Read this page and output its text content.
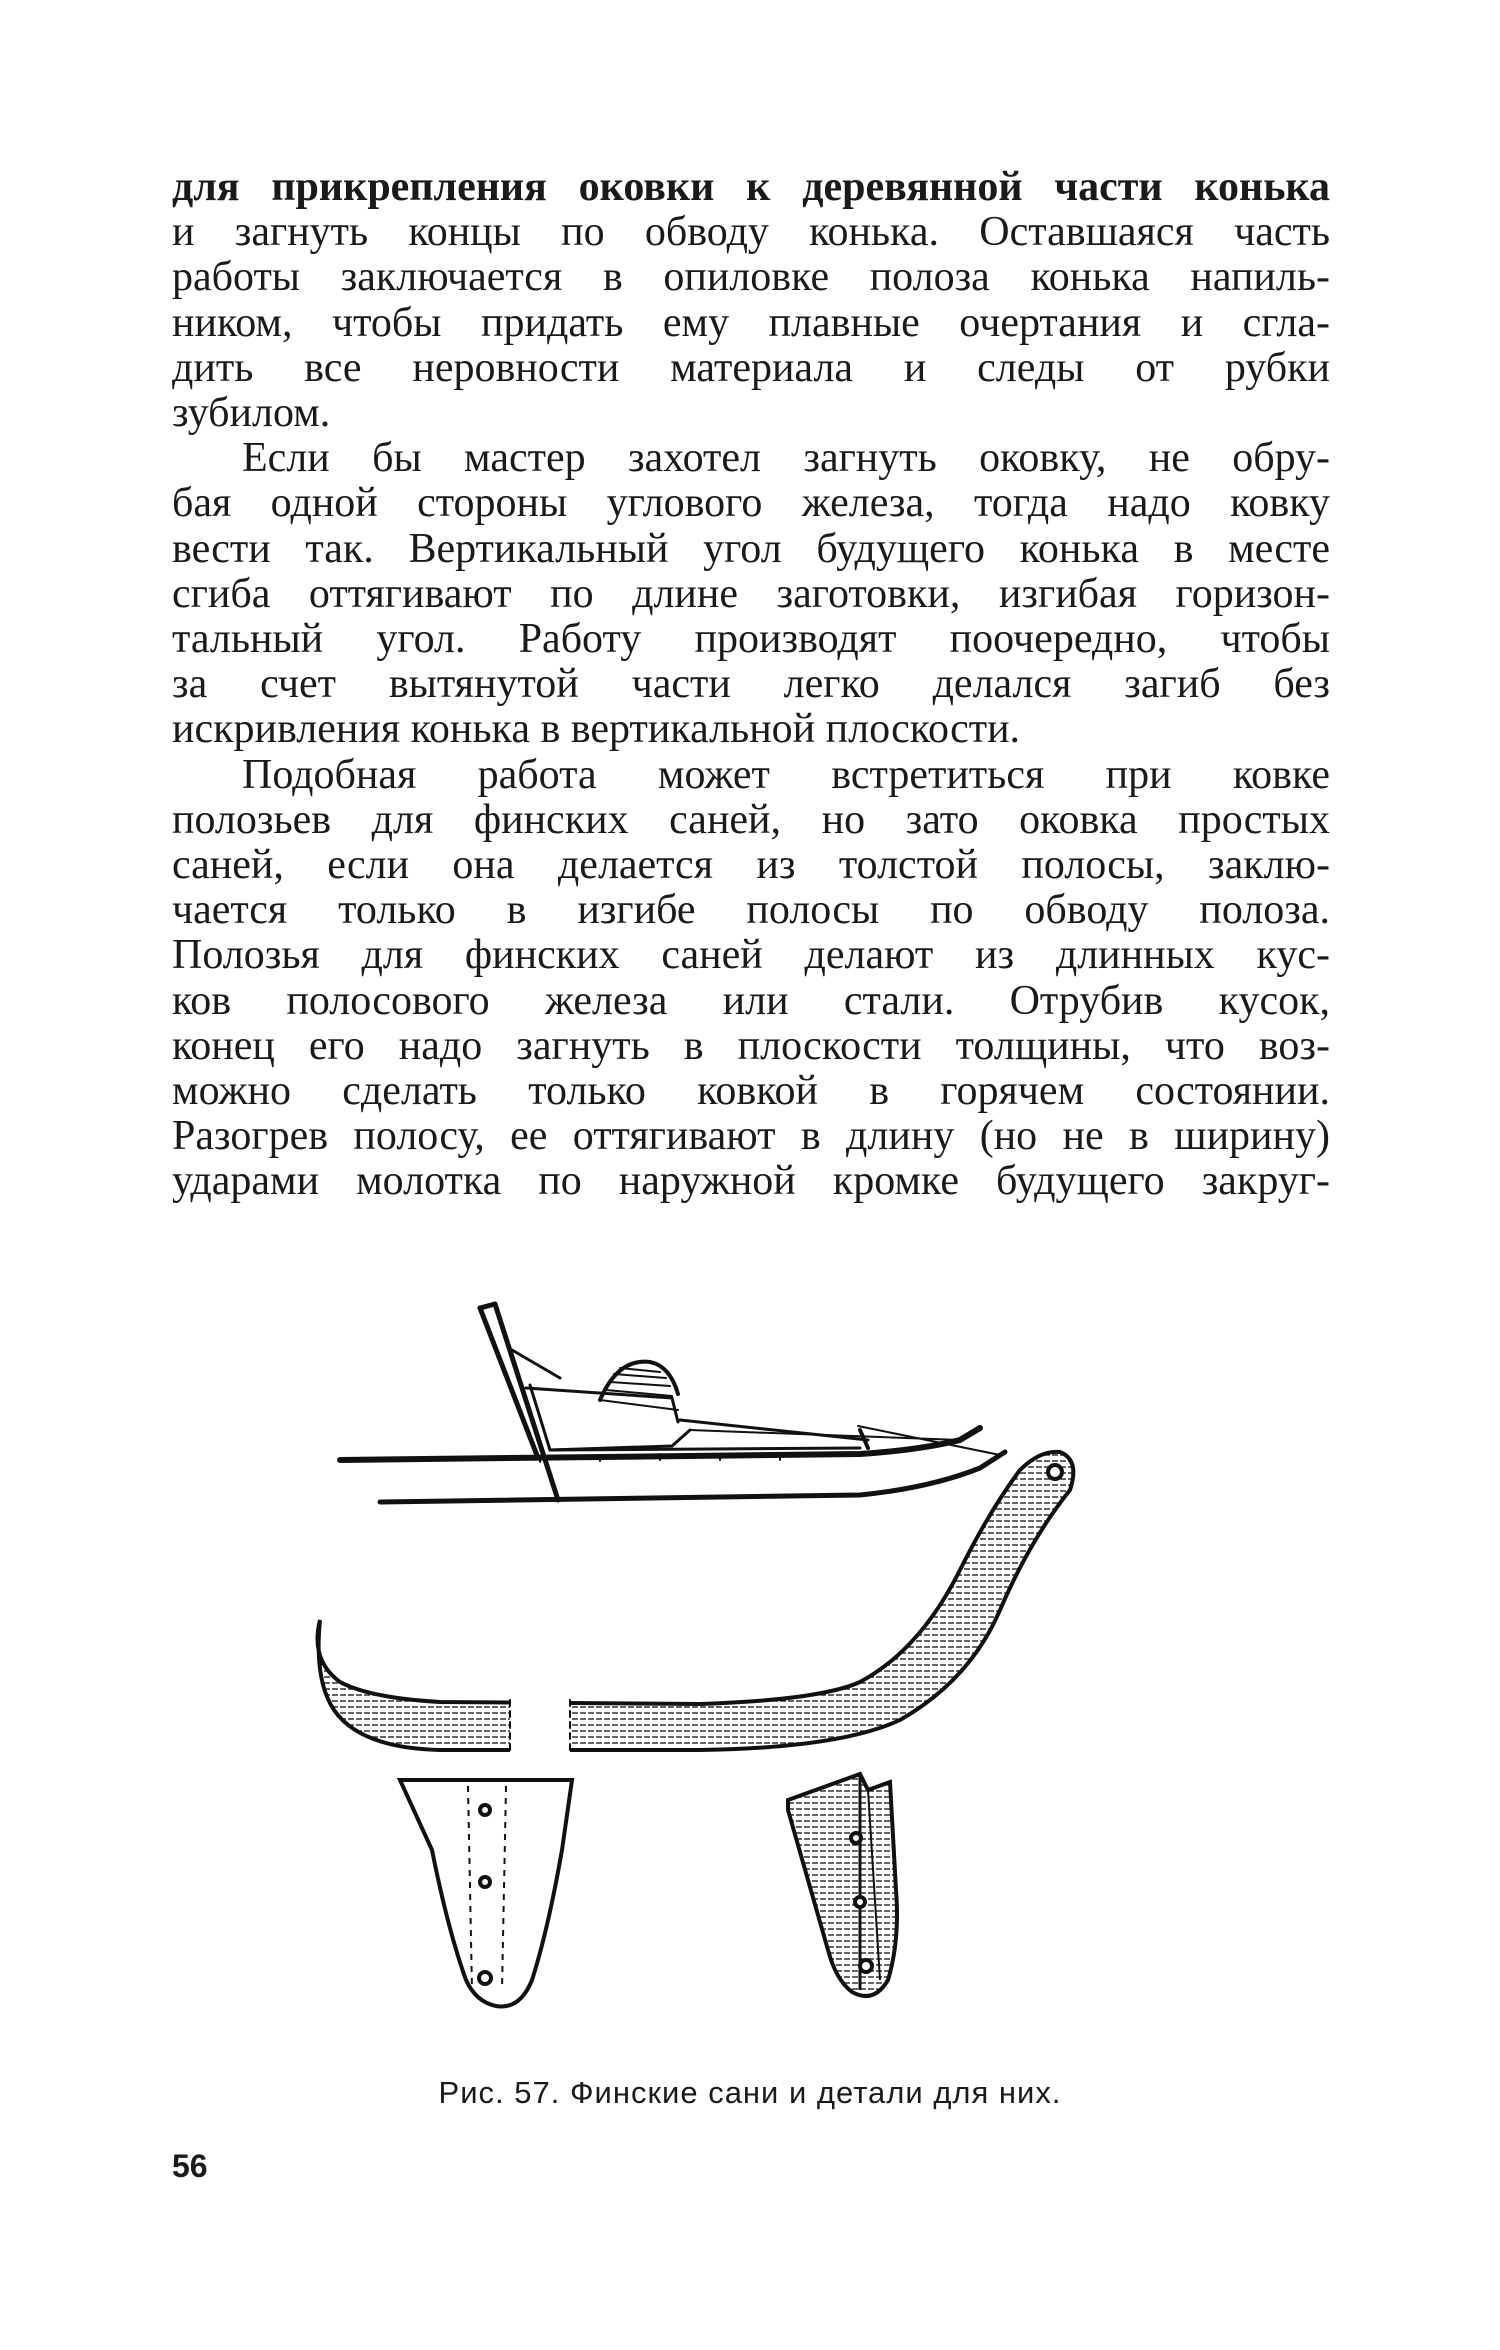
для прикрепления оковки к деревянной части конька
и загнуть концы по обводу конька. Оставшаяся часть
работы заключается в опиловке полоза конька напиль-
ником, чтобы придать ему плавные очертания и сгла-
дить все неровности материала и следы от рубки
зубилом.
Если бы мастер захотел загнуть оковку, не обру-
бая одной стороны углового железа, тогда надо ковку
вести так. Вертикальный угол будущего конька в месте
сгиба оттягивают по длине заготовки, изгибая горизон-
тальный угол. Работу производят поочередно, чтобы
за счет вытянутой части легко делался загиб без
искривления конька в вертикальной плоскости.
Подобная работа может встретиться при ковке
полозьев для финских саней, но зато оковка простых
саней, если она делается из толстой полосы, заклю-
чается только в изгибе полосы по обводу полоза.
Полозья для финских саней делают из длинных кус-
ков полосового железа или стали. Отрубив кусок,
конец его надо загнуть в плоскости толщины, что воз-
можно сделать только ковкой в горячем состоянии.
Разогрев полосу, ее оттягивают в длину (но не в ширину)
ударами молотка по наружной кромке будущего закруг-
Рис. 57. Финские сани и детали для них.
56
